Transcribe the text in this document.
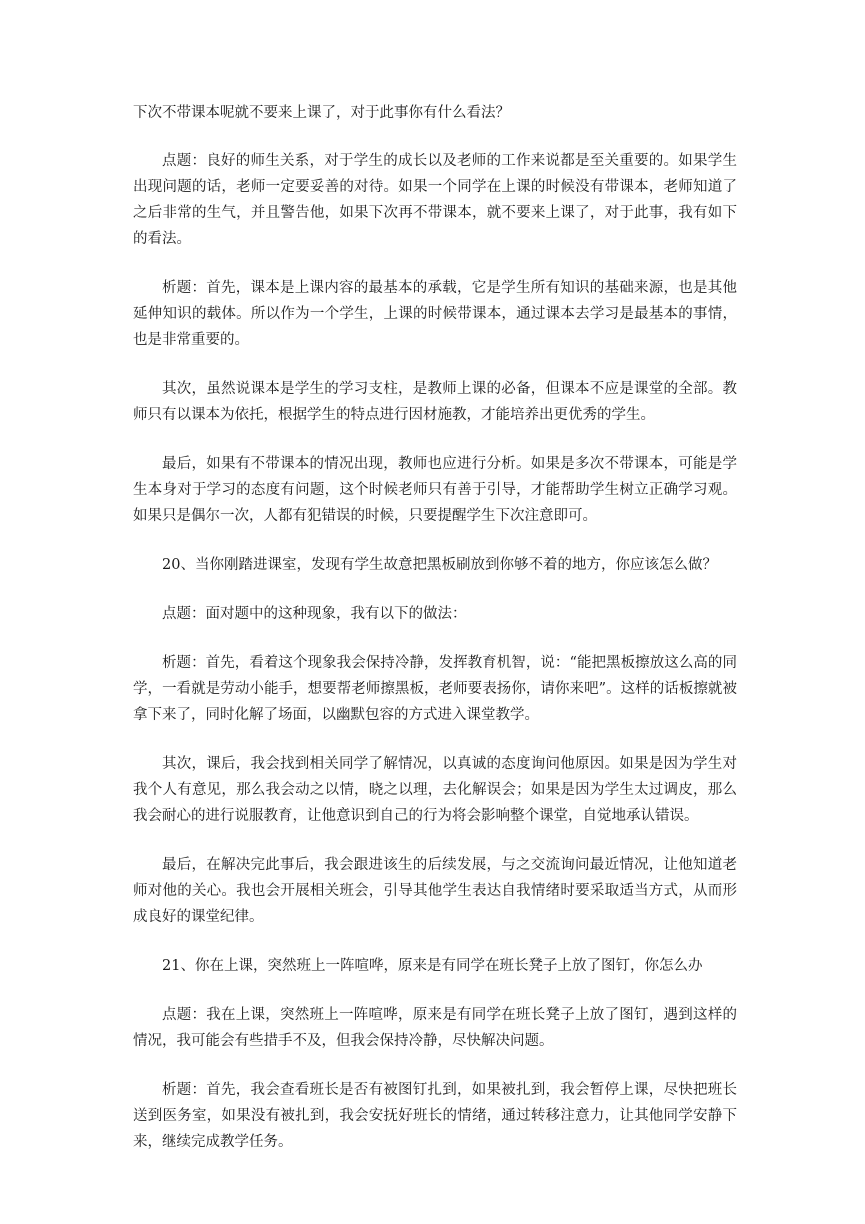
下次不带课本呢就不要来上课了，对于此事你有什么看法？

点题：良好的师生关系，对于学生的成长以及老师的工作来说都是至关重要的。如果学生出现问题的话，老师一定要妥善的对待。如果一个同学在上课的时候没有带课本，老师知道了之后非常的生气，并且警告他，如果下次再不带课本，就不要来上课了，对于此事，我有如下的看法。

析题：首先，课本是上课内容的最基本的承载，它是学生所有知识的基础来源，也是其他延伸知识的载体。所以作为一个学生，上课的时候带课本，通过课本去学习是最基本的事情，也是非常重要的。

其次，虽然说课本是学生的学习支柱，是教师上课的必备，但课本不应是课堂的全部。教师只有以课本为依托，根据学生的特点进行因材施教，才能培养出更优秀的学生。

最后，如果有不带课本的情况出现，教师也应进行分析。如果是多次不带课本，可能是学生本身对于学习的态度有问题，这个时候老师只有善于引导，才能帮助学生树立正确学习观。如果只是偶尔一次，人都有犯错误的时候，只要提醒学生下次注意即可。

20、当你刚踏进课室，发现有学生故意把黑板刷放到你够不着的地方，你应该怎么做？

点题：面对题中的这种现象，我有以下的做法：

析题：首先，看着这个现象我会保持冷静，发挥教育机智，说：“能把黑板擦放这么高的同学，一看就是劳动小能手，想要帮老师擦黑板，老师要表扬你，请你来吧”。这样的话板擦就被拿下来了，同时化解了场面，以幽默包容的方式进入课堂教学。

其次，课后，我会找到相关同学了解情况，以真诚的态度询问他原因。如果是因为学生对我个人有意见，那么我会动之以情，晓之以理，去化解误会；如果是因为学生太过调皮，那么我会耐心的进行说服教育，让他意识到自己的行为将会影响整个课堂，自觉地承认错误。

最后，在解决完此事后，我会跟进该生的后续发展，与之交流询问最近情况，让他知道老师对他的关心。我也会开展相关班会，引导其他学生表达自我情绪时要采取适当方式，从而形成良好的课堂纪律。

21、你在上课，突然班上一阵喧哗，原来是有同学在班长凳子上放了图钉，你怎么办

点题：我在上课，突然班上一阵喧哗，原来是有同学在班长凳子上放了图钉，遇到这样的情况，我可能会有些措手不及，但我会保持冷静，尽快解决问题。

析题：首先，我会查看班长是否有被图钉扎到，如果被扎到，我会暂停上课，尽快把班长送到医务室，如果没有被扎到，我会安抚好班长的情绪，通过转移注意力，让其他同学安静下来，继续完成教学任务。
